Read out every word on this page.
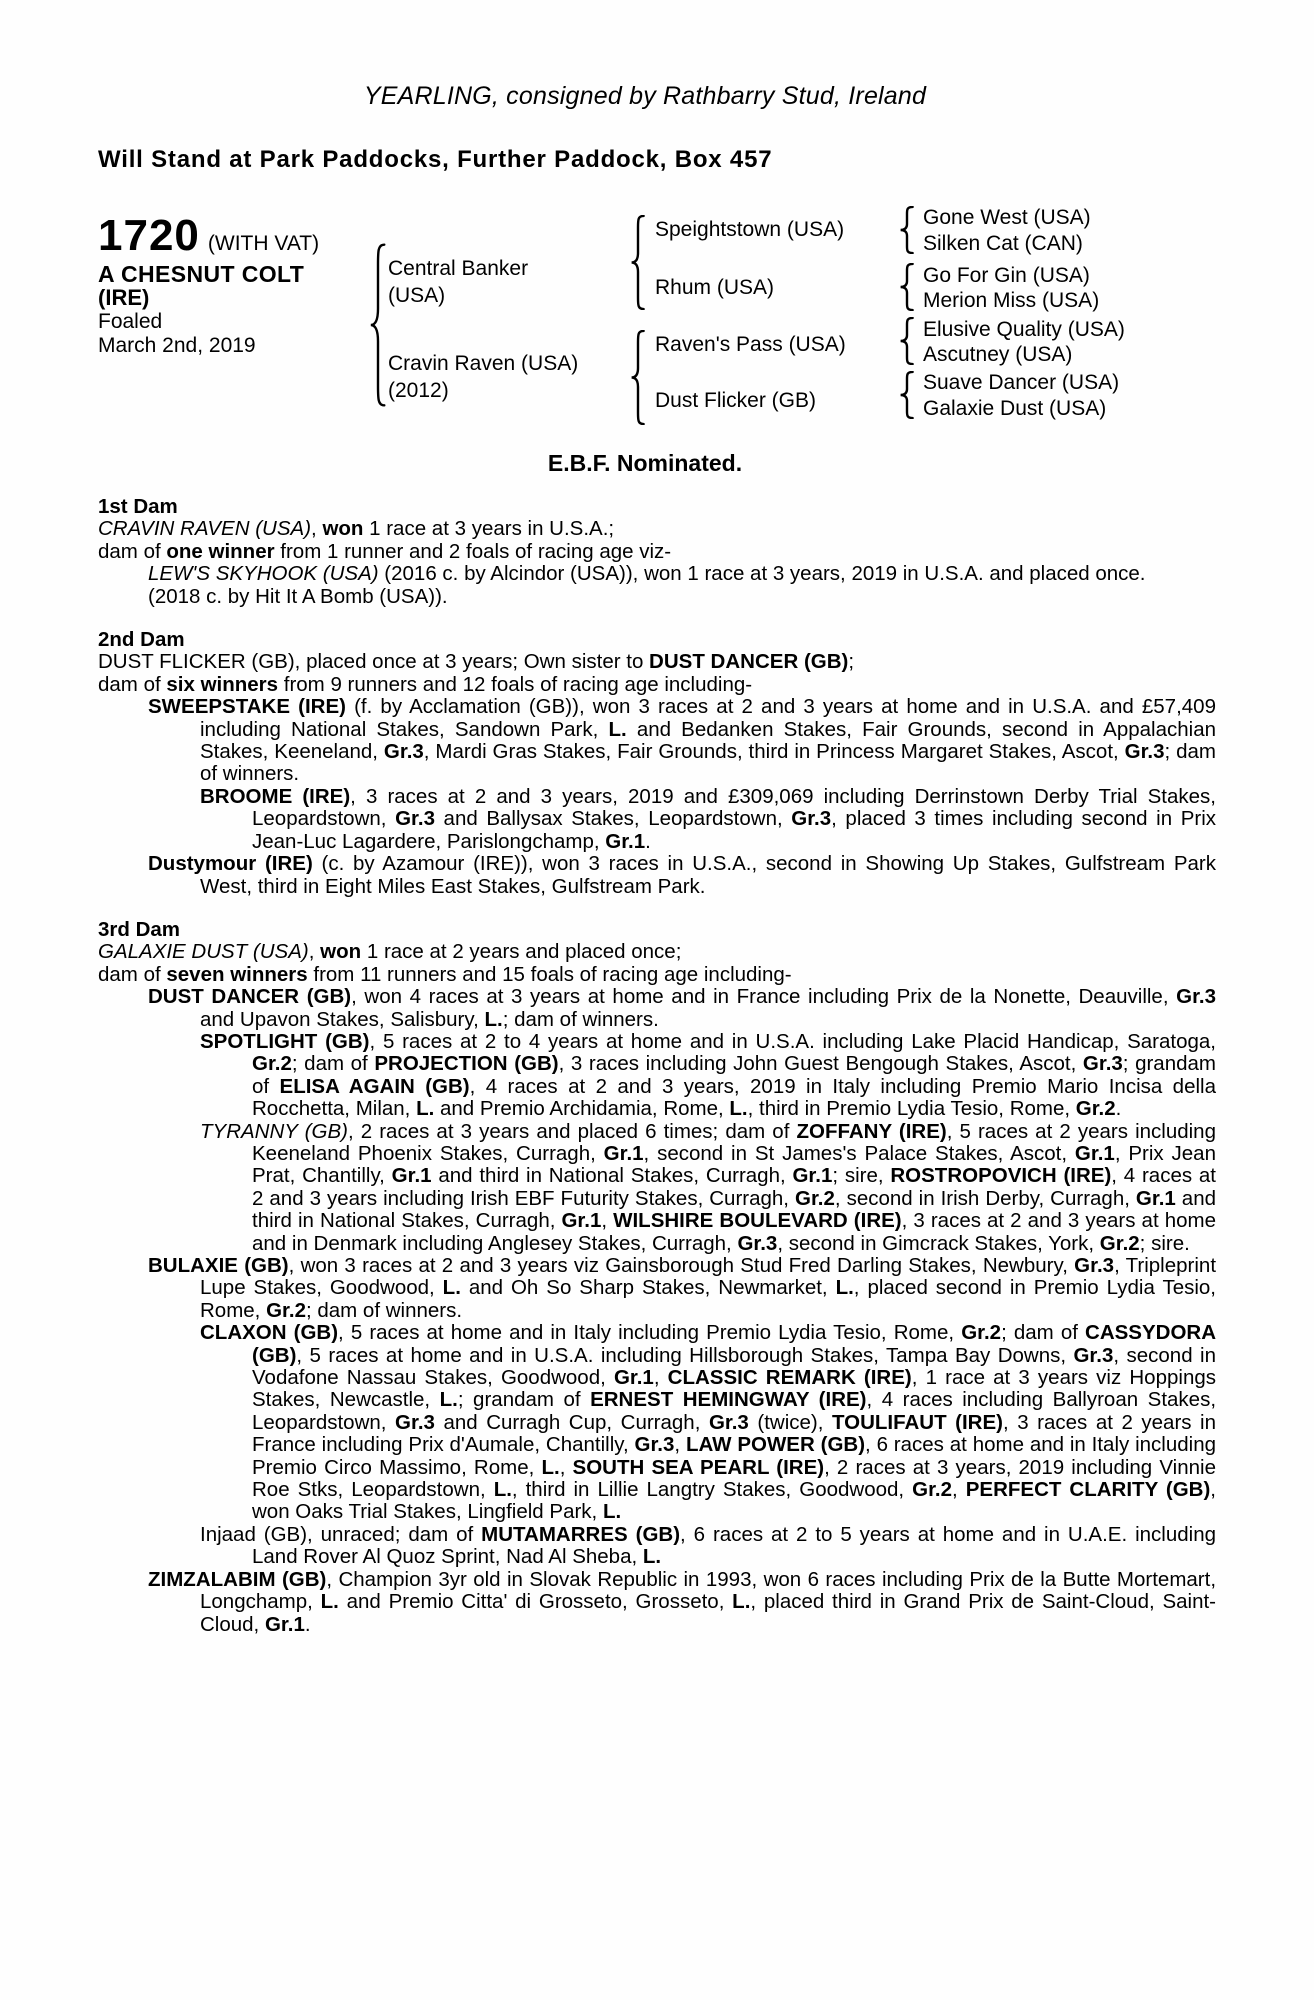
YEARLING, consigned by Rathbarry Stud, Ireland
Will Stand at Park Paddocks, Further Paddock, Box 457
1720 (WITH VAT)
A CHESNUT COLT
(IRE)
Foaled
March 2nd, 2019
Central Banker
(USA)
Cravin Raven (USA)
(2012)
Speightstown (USA)
Rhum (USA)
Raven's Pass (USA)
Dust Flicker (GB)
Gone West (USA)
Silken Cat (CAN)
Go For Gin (USA)
Merion Miss (USA)
Elusive Quality (USA)
Ascutney (USA)
Suave Dancer (USA)
Galaxie Dust (USA)
E.B.F. Nominated.
1st Dam
CRAVIN RAVEN (USA), won 1 race at 3 years in U.S.A.;
dam of one winner from 1 runner and 2 foals of racing age viz-
LEW'S SKYHOOK (USA) (2016 c. by Alcindor (USA)), won 1 race at 3 years, 2019 in U.S.A. and placed once.
(2018 c. by Hit It A Bomb (USA)).
2nd Dam
DUST FLICKER (GB), placed once at 3 years; Own sister to DUST DANCER (GB);
dam of six winners from 9 runners and 12 foals of racing age including-
SWEEPSTAKE (IRE) (f. by Acclamation (GB)), won 3 races at 2 and 3 years at home and in U.S.A. and £57,409 including National Stakes, Sandown Park, L. and Bedanken Stakes, Fair Grounds, second in Appalachian Stakes, Keeneland, Gr.3, Mardi Gras Stakes, Fair Grounds, third in Princess Margaret Stakes, Ascot, Gr.3; dam of winners.
BROOME (IRE), 3 races at 2 and 3 years, 2019 and £309,069 including Derrinstown Derby Trial Stakes, Leopardstown, Gr.3 and Ballysax Stakes, Leopardstown, Gr.3, placed 3 times including second in Prix Jean-Luc Lagardere, Parislongchamp, Gr.1.
Dustymour (IRE) (c. by Azamour (IRE)), won 3 races in U.S.A., second in Showing Up Stakes, Gulfstream Park West, third in Eight Miles East Stakes, Gulfstream Park.
3rd Dam
GALAXIE DUST (USA), won 1 race at 2 years and placed once;
dam of seven winners from 11 runners and 15 foals of racing age including-
DUST DANCER (GB), won 4 races at 3 years at home and in France including Prix de la Nonette, Deauville, Gr.3 and Upavon Stakes, Salisbury, L.; dam of winners.
SPOTLIGHT (GB), 5 races at 2 to 4 years at home and in U.S.A. including Lake Placid Handicap, Saratoga, Gr.2; dam of PROJECTION (GB), 3 races including John Guest Bengough Stakes, Ascot, Gr.3; grandam of ELISA AGAIN (GB), 4 races at 2 and 3 years, 2019 in Italy including Premio Mario Incisa della Rocchetta, Milan, L. and Premio Archidamia, Rome, L., third in Premio Lydia Tesio, Rome, Gr.2.
TYRANNY (GB), 2 races at 3 years and placed 6 times; dam of ZOFFANY (IRE), 5 races at 2 years including Keeneland Phoenix Stakes, Curragh, Gr.1, second in St James's Palace Stakes, Ascot, Gr.1, Prix Jean Prat, Chantilly, Gr.1 and third in National Stakes, Curragh, Gr.1; sire, ROSTROPOVICH (IRE), 4 races at 2 and 3 years including Irish EBF Futurity Stakes, Curragh, Gr.2, second in Irish Derby, Curragh, Gr.1 and third in National Stakes, Curragh, Gr.1, WILSHIRE BOULEVARD (IRE), 3 races at 2 and 3 years at home and in Denmark including Anglesey Stakes, Curragh, Gr.3, second in Gimcrack Stakes, York, Gr.2; sire.
BULAXIE (GB), won 3 races at 2 and 3 years viz Gainsborough Stud Fred Darling Stakes, Newbury, Gr.3, Tripleprint Lupe Stakes, Goodwood, L. and Oh So Sharp Stakes, Newmarket, L., placed second in Premio Lydia Tesio, Rome, Gr.2; dam of winners.
CLAXON (GB), 5 races at home and in Italy including Premio Lydia Tesio, Rome, Gr.2; dam of CASSYDORA (GB), 5 races at home and in U.S.A. including Hillsborough Stakes, Tampa Bay Downs, Gr.3, second in Vodafone Nassau Stakes, Goodwood, Gr.1, CLASSIC REMARK (IRE), 1 race at 3 years viz Hoppings Stakes, Newcastle, L.; grandam of ERNEST HEMINGWAY (IRE), 4 races including Ballyroan Stakes, Leopardstown, Gr.3 and Curragh Cup, Curragh, Gr.3 (twice), TOULIFAUT (IRE), 3 races at 2 years in France including Prix d'Aumale, Chantilly, Gr.3, LAW POWER (GB), 6 races at home and in Italy including Premio Circo Massimo, Rome, L., SOUTH SEA PEARL (IRE), 2 races at 3 years, 2019 including Vinnie Roe Stks, Leopardstown, L., third in Lillie Langtry Stakes, Goodwood, Gr.2, PERFECT CLARITY (GB), won Oaks Trial Stakes, Lingfield Park, L.
Injaad (GB), unraced; dam of MUTAMARRES (GB), 6 races at 2 to 5 years at home and in U.A.E. including Land Rover Al Quoz Sprint, Nad Al Sheba, L.
ZIMZALABIM (GB), Champion 3yr old in Slovak Republic in 1993, won 6 races including Prix de la Butte Mortemart, Longchamp, L. and Premio Citta' di Grosseto, Grosseto, L., placed third in Grand Prix de Saint-Cloud, Saint-Cloud, Gr.1.
